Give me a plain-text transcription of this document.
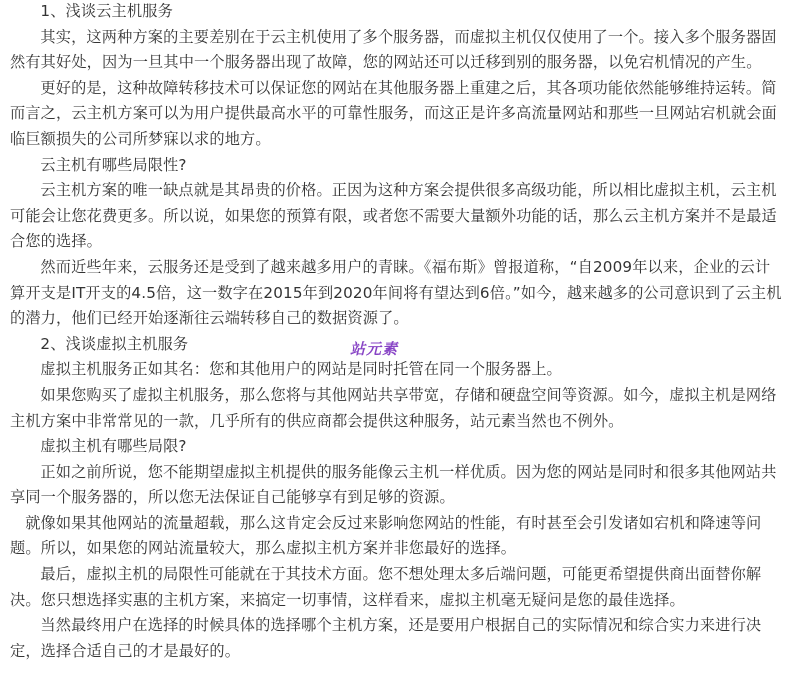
1、浅谈云主机服务

其实，这两种方案的主要差别在于云主机使用了多个服务器，而虚拟主机仅仅使用了一个。接入多个服务器固然有其好处，因为一旦其中一个服务器出现了故障，您的网站还可以迁移到别的服务器，以免宕机情况的产生。

更好的是，这种故障转移技术可以保证您的网站在其他服务器上重建之后，其各项功能依然能够维持运转。简而言之，云主机方案可以为用户提供最高水平的可靠性服务，而这正是许多高流量网站和那些一旦网站宕机就会面临巨额损失的公司所梦寐以求的地方。

云主机有哪些局限性?

云主机方案的唯一缺点就是其昂贵的价格。正因为这种方案会提供很多高级功能，所以相比虚拟主机，云主机可能会让您花费更多。所以说，如果您的预算有限，或者您不需要大量额外功能的话，那么云主机方案并不是最适合您的选择。

然而近些年来，云服务还是受到了越来越多用户的青睐。《福布斯》曾报道称，“自2009年以来，企业的云计算开支是IT开支的4.5倍，这一数字在2015年到2020年间将有望达到6倍。”如今，越来越多的公司意识到了云主机的潜力，他们已经开始逐渐往云端转移自己的数据资源了。

2、浅谈虚拟主机服务

虚拟主机服务正如其名：您和其他用户的网站是同时托管在同一个服务器上。

如果您购买了虚拟主机服务，那么您将与其他网站共享带宽，存储和硬盘空间等资源。如今，虚拟主机是网络主机方案中非常常见的一款，几乎所有的供应商都会提供这种服务，站元素当然也不例外。

虚拟主机有哪些局限?

正如之前所说，您不能期望虚拟主机提供的服务能像云主机一样优质。因为您的网站是同时和很多其他网站共享同一个服务器的，所以您无法保证自己能够享有到足够的资源。

就像如果其他网站的流量超载，那么这肯定会反过来影响您网站的性能，有时甚至会引发诸如宕机和降速等问题。所以，如果您的网站流量较大，那么虚拟主机方案并非您最好的选择。

最后，虚拟主机的局限性可能就在于其技术方面。您不想处理太多后端问题，可能更希望提供商出面替你解决。您只想选择实惠的主机方案，来搞定一切事情，这样看来，虚拟主机毫无疑问是您的最佳选择。

当然最终用户在选择的时候具体的选择哪个主机方案，还是要用户根据自己的实际情况和综合实力来进行决定，选择合适自己的才是最好的。

站元素
